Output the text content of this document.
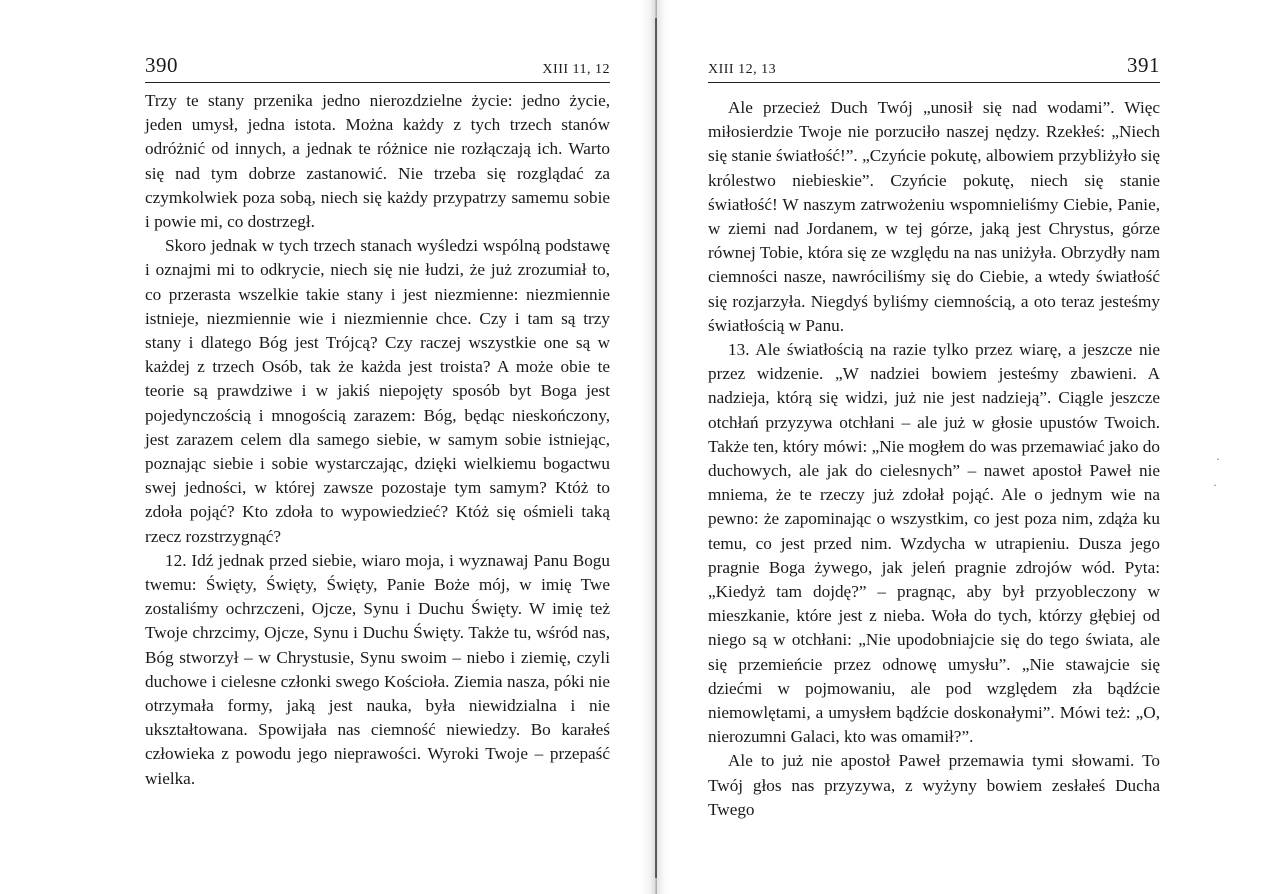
390	XIII 11, 12

Trzy te stany przenika jedno nierozdzielne życie: jedno życie, jeden umysł, jedna istota. Można każdy z tych trzech stanów odróżnić od innych, a jednak te różnice nie rozłączają ich. Warto się nad tym dobrze zastanowić. Nie trzeba się rozglądać za czymkolwiek poza sobą, niech się każdy przypatrzy samemu sobie i powie mi, co dostrzegł.

Skoro jednak w tych trzech stanach wyśledzi wspólną podstawę i oznajmi mi to odkrycie, niech się nie łudzi, że już zrozumiał to, co przerasta wszelkie takie stany i jest niezmienne: niezmiennie istnieje, niezmiennie wie i niezmiennie chce. Czy i tam są trzy stany i dlatego Bóg jest Trójcą? Czy raczej wszystkie one są w każdej z trzech Osób, tak że każda jest troista? A może obie te teorie są prawdziwe i w jakiś niepojęty sposób byt Boga jest pojedynczością i mnogością zarazem: Bóg, będąc nieskończony, jest zarazem celem dla samego siebie, w samym sobie istniejąc, poznając siebie i sobie wystarczając, dzięki wielkiemu bogactwu swej jedności, w której zawsze pozostaje tym samym? Któż to zdoła pojąć? Kto zdoła to wypowiedzieć? Któż się ośmieli taką rzecz rozstrzygnąć?

12. Idź jednak przed siebie, wiaro moja, i wyznawaj Panu Bogu twemu: Święty, Święty, Święty, Panie Boże mój, w imię Twe zostaliśmy ochrzczeni, Ojcze, Synu i Duchu Święty. W imię też Twoje chrzcimy, Ojcze, Synu i Duchu Święty. Także tu, wśród nas, Bóg stworzył – w Chrystusie, Synu swoim – niebo i ziemię, czyli duchowe i cielesne członki swego Kościoła. Ziemia nasza, póki nie otrzymała formy, jaką jest nauka, była niewidzialna i nie ukształtowana. Spowijała nas ciemność niewiedzy. Bo karałeś człowieka z powodu jego nieprawości. Wyroki Twoje – przepaść wielka.

XIII 12, 13	391

Ale przecież Duch Twój „unosił się nad wodami”. Więc miłosierdzie Twoje nie porzuciło naszej nędzy. Rzekłeś: „Niech się stanie światłość!”. „Czyńcie pokutę, albowiem przybliżyło się królestwo niebieskie”. Czyńcie pokutę, niech się stanie światłość! W naszym zatrwożeniu wspomnieliśmy Ciebie, Panie, w ziemi nad Jordanem, w tej górze, jaką jest Chrystus, górze równej Tobie, która się ze względu na nas uniżyła. Obrzydły nam ciemności nasze, nawróciliśmy się do Ciebie, a wtedy światłość się rozjarzyła. Niegdyś byliśmy ciemnością, a oto teraz jesteśmy światłością w Panu.

13. Ale światłością na razie tylko przez wiarę, a jeszcze nie przez widzenie. „W nadziei bowiem jesteśmy zbawieni. A nadzieja, którą się widzi, już nie jest nadzieją”. Ciągle jeszcze otchłań przyzywa otchłani – ale już w głosie upustów Twoich. Także ten, który mówi: „Nie mogłem do was przemawiać jako do duchowych, ale jak do cielesnych” – nawet apostoł Paweł nie mniema, że te rzeczy już zdołał pojąć. Ale o jednym wie na pewno: że zapominając o wszystkim, co jest poza nim, zdąża ku temu, co jest przed nim. Wzdycha w utrapieniu. Dusza jego pragnie Boga żywego, jak jeleń pragnie zdrojów wód. Pyta: „Kiedyż tam dojdę?” – pragnąc, aby był przyobleczony w mieszkanie, które jest z nieba. Woła do tych, którzy głębiej od niego są w otchłani: „Nie upodobniajcie się do tego świata, ale się przemieńcie przez odnowę umysłu”. „Nie stawajcie się dziećmi w pojmowaniu, ale pod względem zła bądźcie niemowlętami, a umysłem bądźcie doskonałymi”. Mówi też: „O, nierozumni Galaci, kto was omamił?”.

Ale to już nie apostoł Paweł przemawia tymi słowami. To Twój głos nas przyzywa, z wyżyny bowiem zesłałeś Ducha Twego

·
·
